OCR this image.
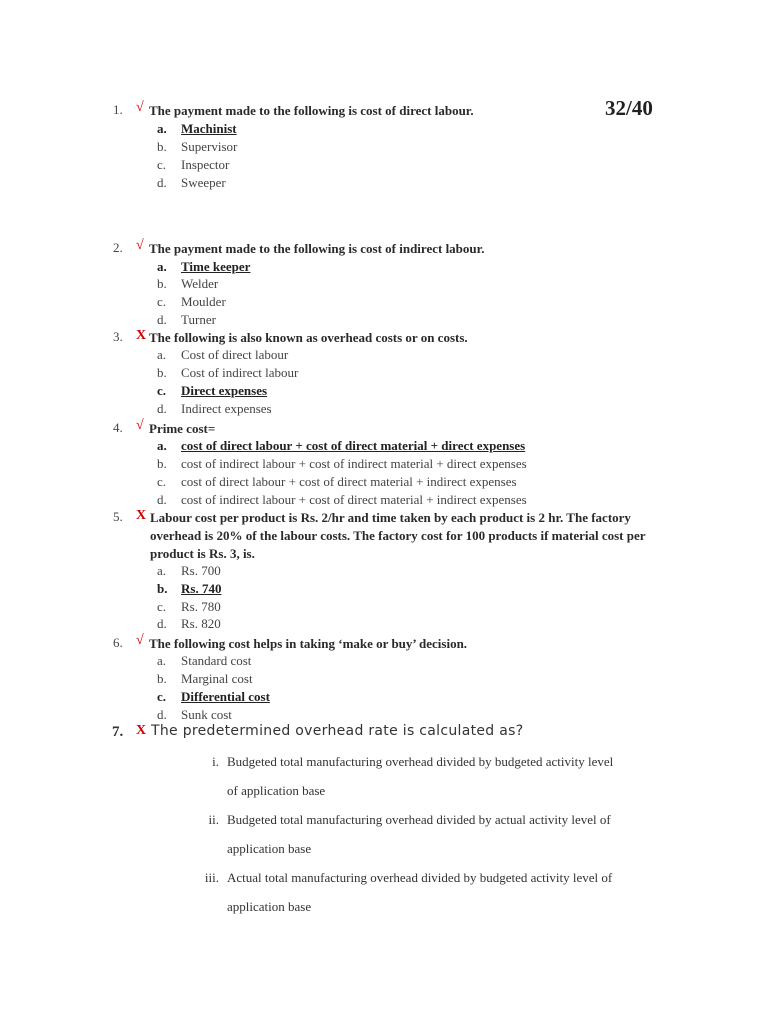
32/40
1. √ The payment made to the following is cost of direct labour.
a. Machinist
b. Supervisor
c. Inspector
d. Sweeper
2. √ The payment made to the following is cost of indirect labour.
a. Time keeper
b. Welder
c. Moulder
d. Turner
3. X The following is also known as overhead costs or on costs.
a. Cost of direct labour
b. Cost of indirect labour
c. Direct expenses
d. Indirect expenses
4. √ Prime cost=
a. cost of direct labour + cost of direct material + direct expenses
b. cost of indirect labour + cost of indirect material + direct expenses
c. cost of direct labour + cost of direct material + indirect expenses
d. cost of indirect labour + cost of direct material + indirect expenses
5. X Labour cost per product is Rs. 2/hr and time taken by each product is 2 hr. The factory overhead is 20% of the labour costs. The factory cost for 100 products if material cost per product is Rs. 3, is.
a. Rs. 700
b. Rs. 740
c. Rs. 780
d. Rs. 820
6. √ The following cost helps in taking ‘make or buy’ decision.
a. Standard cost
b. Marginal cost
c. Differential cost
d. Sunk cost
7. X The predetermined overhead rate is calculated as?
i. Budgeted total manufacturing overhead divided by budgeted activity level
of application base
ii. Budgeted total manufacturing overhead divided by actual activity level of
application base
iii. Actual total manufacturing overhead divided by budgeted activity level of
application base
